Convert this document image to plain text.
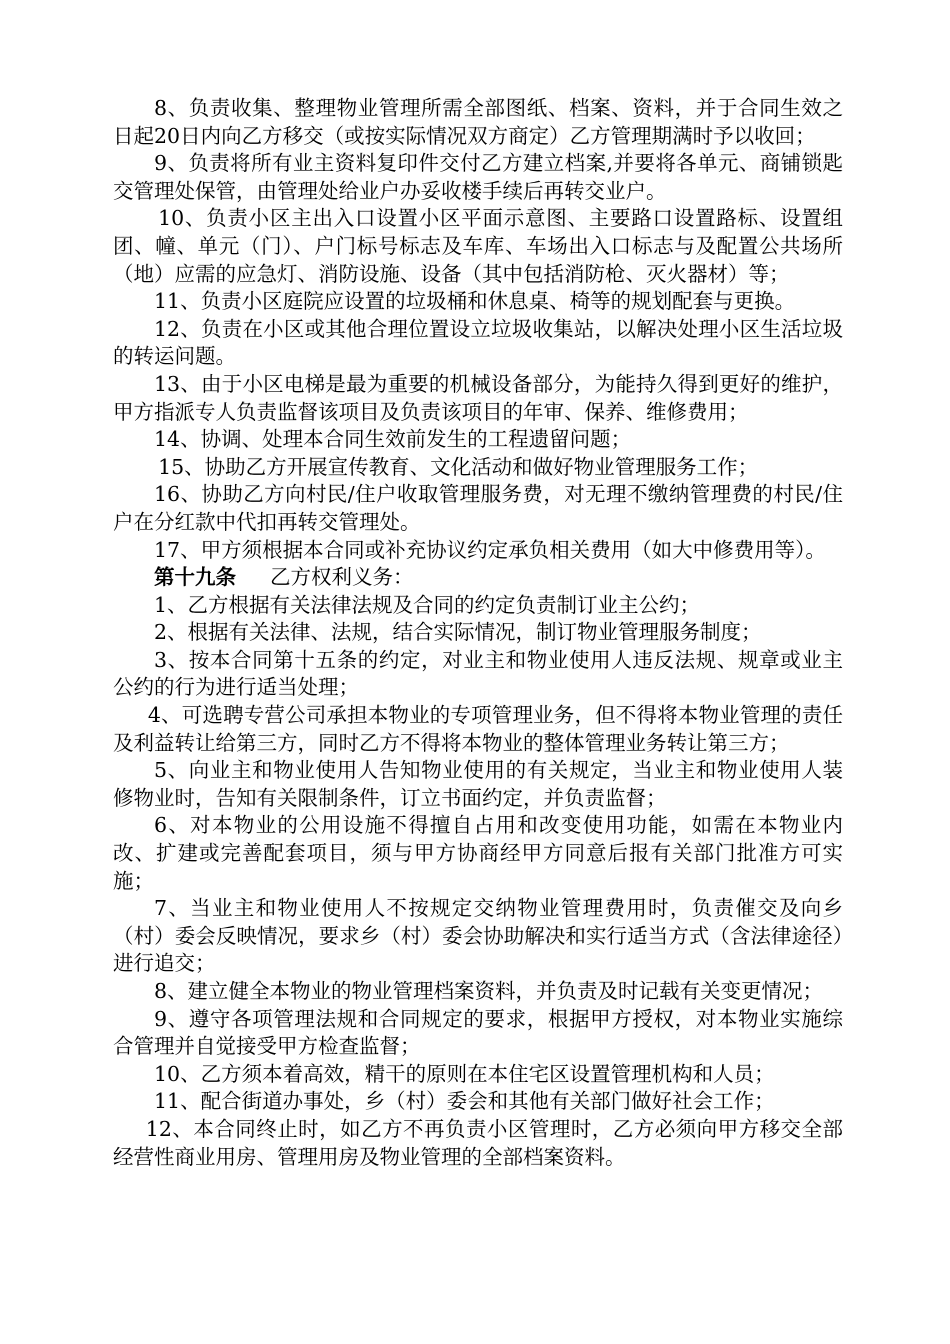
8、负责收集、整理物业管理所需全部图纸、档案、资料，并于合同生效之日起20日内向乙方移交（或按实际情况双方商定）乙方管理期满时予以收回；

9、负责将所有业主资料复印件交付乙方建立档案,并要将各单元、商铺锁匙交管理处保管，由管理处给业户办妥收楼手续后再转交业户。

10、负责小区主出入口设置小区平面示意图、主要路口设置路标、设置组团、幢、单元（门）、户门标号标志及车库、车场出入口标志与及配置公共场所（地）应需的应急灯、消防设施、设备（其中包括消防枪、灭火器材）等；

11、负责小区庭院应设置的垃圾桶和休息桌、椅等的规划配套与更换。

12、负责在小区或其他合理位置设立垃圾收集站，以解决处理小区生活垃圾的转运问题。

13、由于小区电梯是最为重要的机械设备部分，为能持久得到更好的维护，甲方指派专人负责监督该项目及负责该项目的年审、保养、维修费用；

14、协调、处理本合同生效前发生的工程遗留问题；

15、协助乙方开展宣传教育、文化活动和做好物业管理服务工作；

16、协助乙方向村民/住户收取管理服务费，对无理不缴纳管理费的村民/住户在分红款中代扣再转交管理处。

17、甲方须根据本合同或补充协议约定承负相关费用（如大中修费用等）。

第十九条 乙方权利义务：

1、乙方根据有关法律法规及合同的约定负责制订业主公约；

2、根据有关法律、法规，结合实际情况，制订物业管理服务制度；

3、按本合同第十五条的约定，对业主和物业使用人违反法规、规章或业主公约的行为进行适当处理；

4、可选聘专营公司承担本物业的专项管理业务，但不得将本物业管理的责任及利益转让给第三方，同时乙方不得将本物业的整体管理业务转让第三方；

5、向业主和物业使用人告知物业使用的有关规定，当业主和物业使用人装修物业时，告知有关限制条件，订立书面约定，并负责监督；

6、对本物业的公用设施不得擅自占用和改变使用功能，如需在本物业内改、扩建或完善配套项目，须与甲方协商经甲方同意后报有关部门批准方可实施；

7、当业主和物业使用人不按规定交纳物业管理费用时，负责催交及向乡（村）委会反映情况，要求乡（村）委会协助解决和实行适当方式（含法律途径）进行追交；

8、建立健全本物业的物业管理档案资料，并负责及时记载有关变更情况；

9、遵守各项管理法规和合同规定的要求，根据甲方授权，对本物业实施综合管理并自觉接受甲方检查监督；

10、乙方须本着高效，精干的原则在本住宅区设置管理机构和人员；

11、配合街道办事处，乡（村）委会和其他有关部门做好社会工作；

12、本合同终止时，如乙方不再负责小区管理时，乙方必须向甲方移交全部经营性商业用房、管理用房及物业管理的全部档案资料。
